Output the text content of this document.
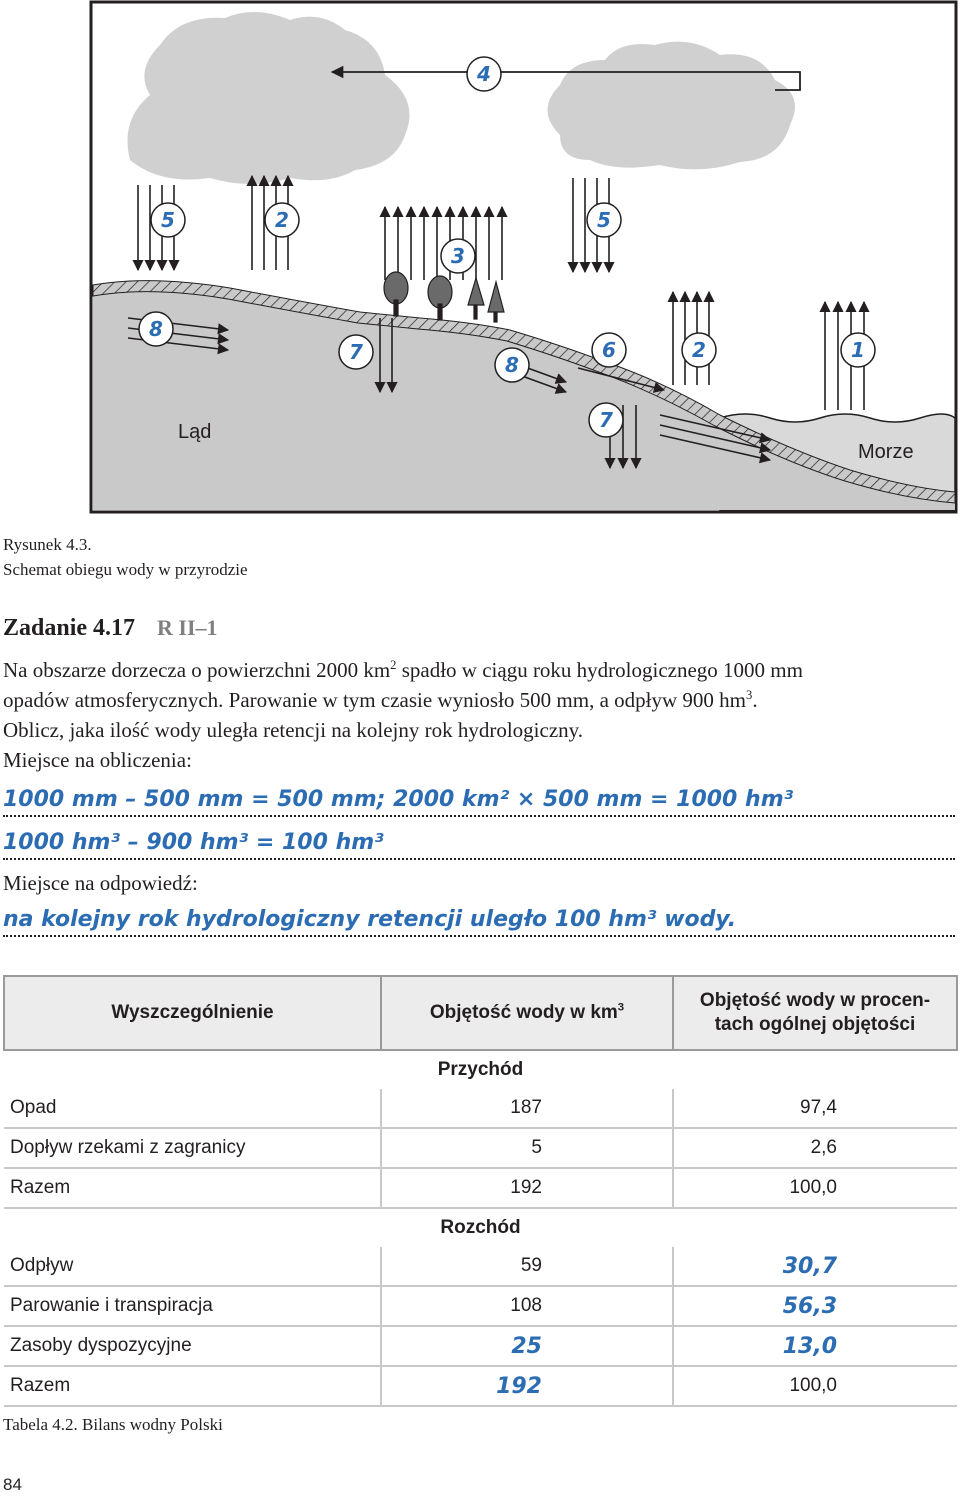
4
5	2
3
5
8
7
8
6	2	1
7
Ląd
Morze
Rysunek 4.3.
Schemat obiegu wody w przyrodzie
Zadanie 4.17 R II–1
Na obszarze dorzecza o powierzchni 2000 $km^2$ spadło w ciągu roku hydrologicznego 1000 mm
opadów atmosferycznych. Parowanie w tym czasie wyniosło 500 mm, a odpływ 900 $hm^3$.
Oblicz, jaka ilość wody uległa retencji na kolejny rok hydrologiczny.
Miejsce na obliczenia:
1000 mm – 500 mm = 500 mm; 2000 km² × 500 mm = 1000 hm³
1000 hm³ – 900 hm³ = 100 hm³
Miejsce na odpowiedź:
na kolejny rok hydrologiczny retencji uległo 100 hm³ wody.
Wyszczególnienie	Objętość wody w $km^3$	Objętość wody w procen-
tach ogólnej objętości
Przychód		
Opad	187	97,4
Dopływ rzekami z zagranicy	5	2,6
Razem	192	100,0
Rozchód		
Odpływ	59	30,7
Parowanie i transpiracja	108	56,3
Zasoby dyspozycyjne	25	13,0
Razem	192	100,0
Tabela 4.2. Bilans wodny Polski
84
